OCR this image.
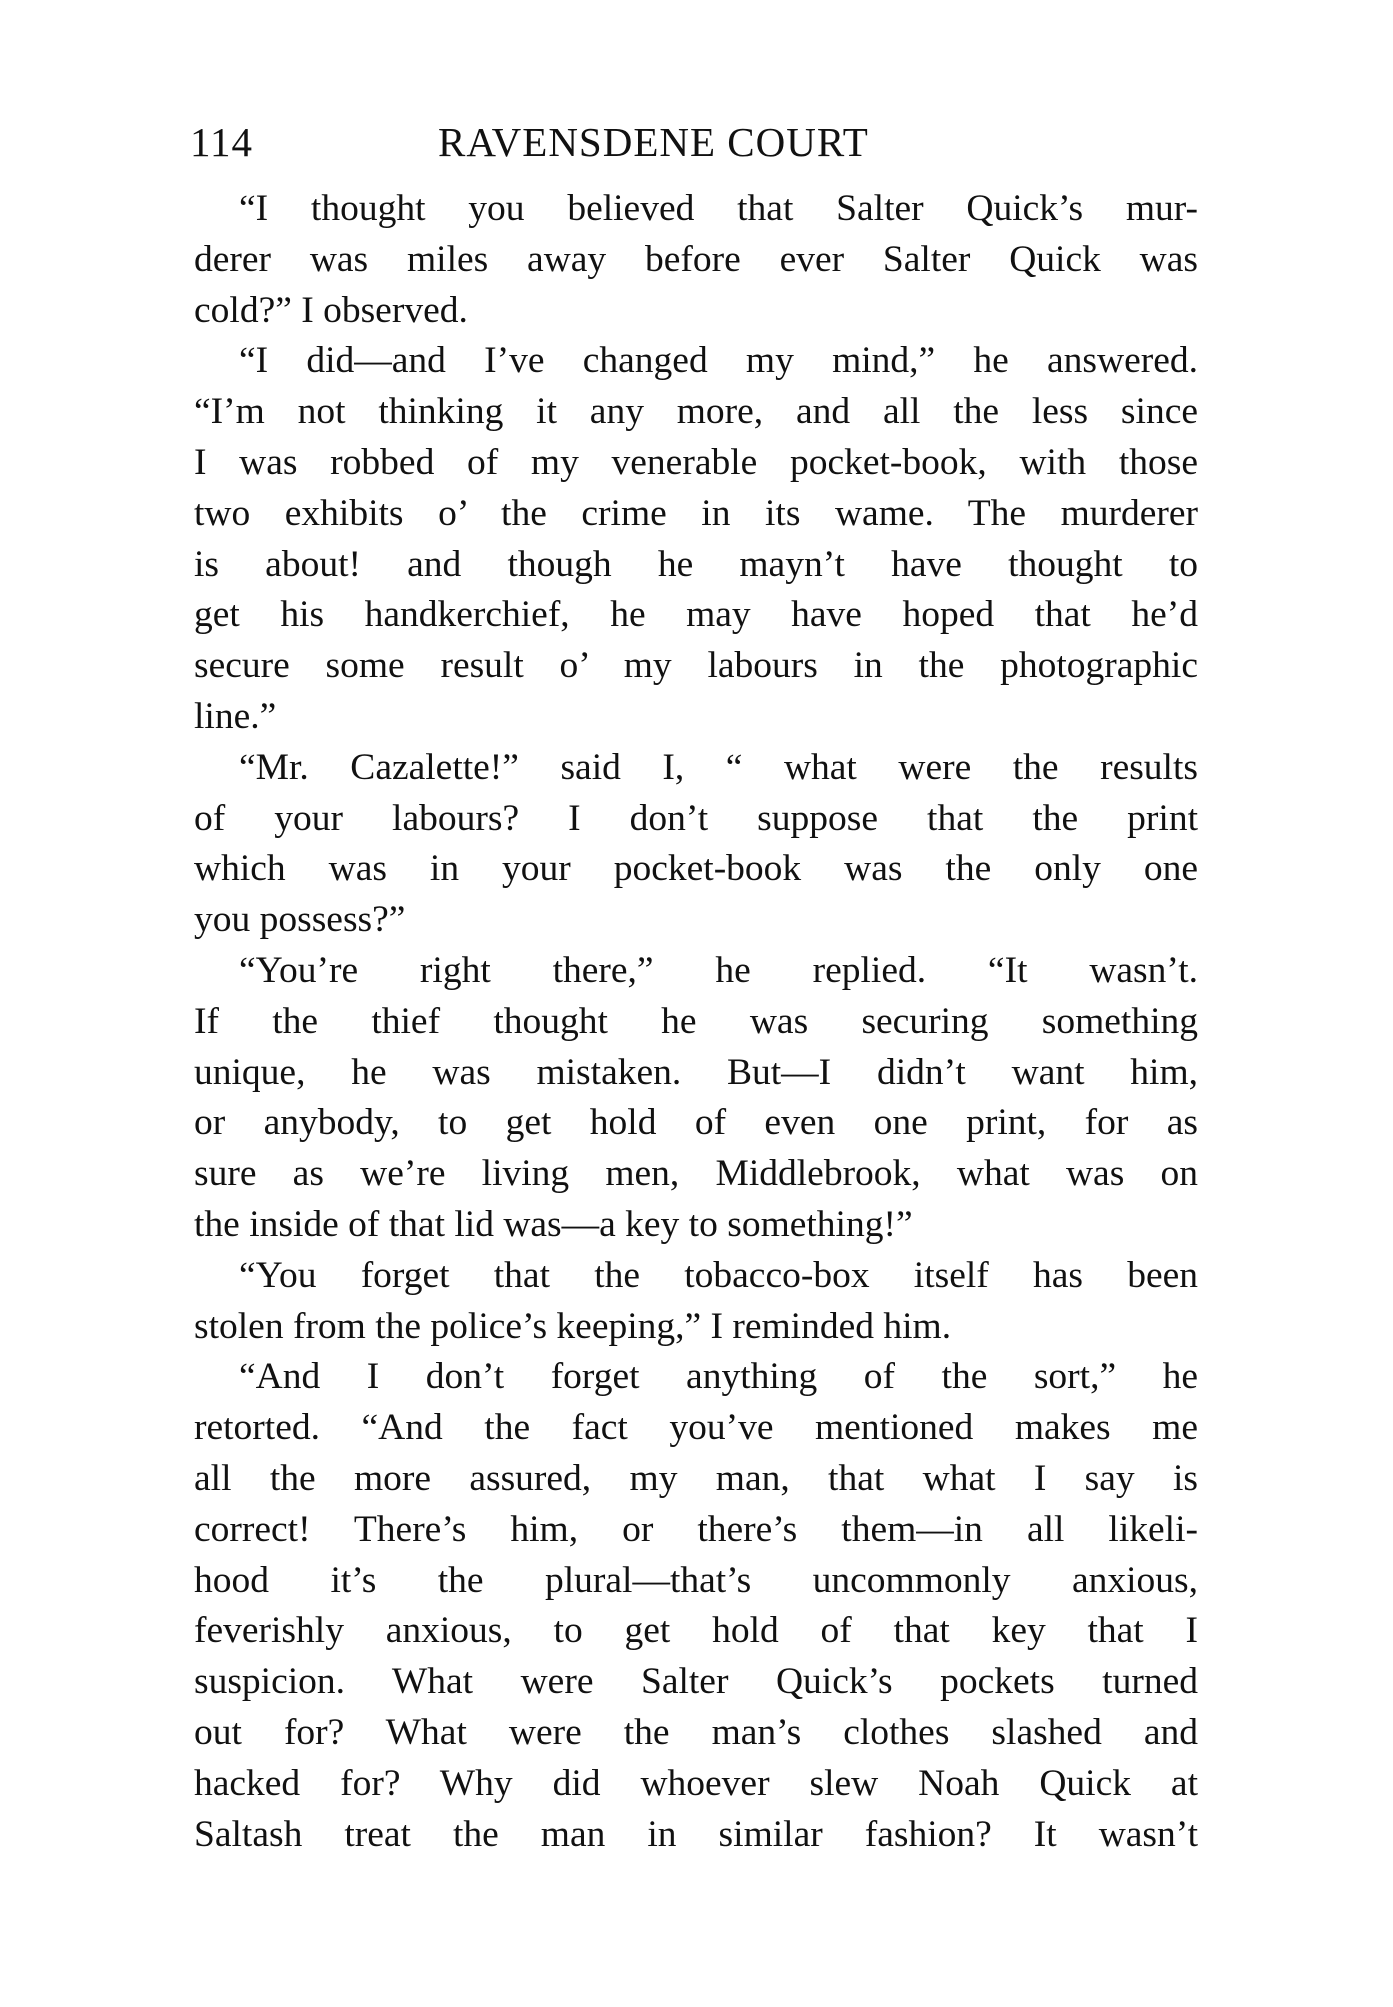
114	RAVENSDENE COURT
“I thought you believed that Salter Quick’s mur-
derer was miles away before ever Salter Quick was
cold?” I observed.
“I did—and I’ve changed my mind,” he answered.
“I’m not thinking it any more, and all the less since
I was robbed of my venerable pocket-book, with those
two exhibits o’ the crime in its wame. The murderer
is about! and though he mayn’t have thought to
get his handkerchief, he may have hoped that he’d
secure some result o’ my labours in the photographic
line.”
“Mr. Cazalette!” said I, “ what were the results
of your labours? I don’t suppose that the print
which was in your pocket-book was the only one
you possess?”
“You’re right there,” he replied. “It wasn’t.
If the thief thought he was securing something
unique, he was mistaken. But—I didn’t want him,
or anybody, to get hold of even one print, for as
sure as we’re living men, Middlebrook, what was on
the inside of that lid was—a key to something!”
“You forget that the tobacco-box itself has been
stolen from the police’s keeping,” I reminded him.
“And I don’t forget anything of the sort,” he
retorted. “And the fact you’ve mentioned makes me
all the more assured, my man, that what I say is
correct! There’s him, or there’s them—in all likeli-
hood it’s the plural—that’s uncommonly anxious,
feverishly anxious, to get hold of that key that I
suspicion. What were Salter Quick’s pockets turned
out for? What were the man’s clothes slashed and
hacked for? Why did whoever slew Noah Quick at
Saltash treat the man in similar fashion? It wasn’t
